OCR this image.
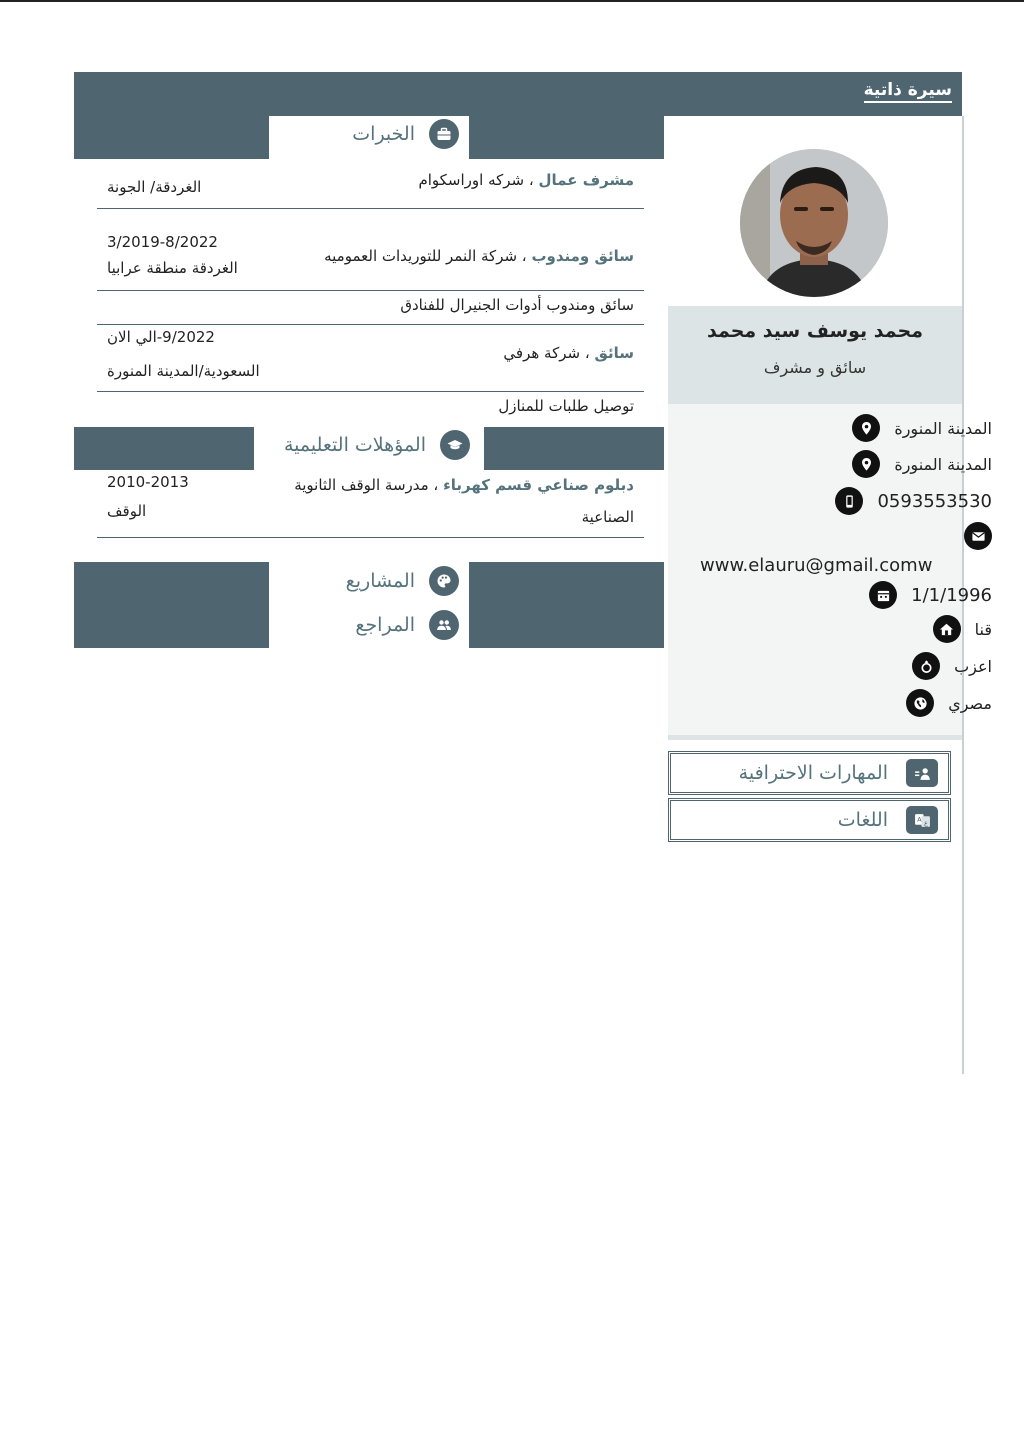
سيرة ذاتية
الخبرات
مشرف عمال ، شركه اوراسكوام
الغردقة/ الجونة
سائق ومندوب ، شركة النمر للتوريدات العموميه
3/2019-8/2022
الغردقة منطقة عرابيا
سائق ومندوب أدوات الجنيرال للفنادق
سائق ، شركة هرفي
9/2022-الي الان
السعودية/المدينة المنورة
توصيل طلبات للمنازل
المؤهلات التعليمية
دبلوم صناعي قسم كهرباء ، مدرسة الوقف الثانوية
الصناعية
2010-2013
الوقف
المشاريع
المراجع
محمد يوسف سيد محمد
سائق و مشرف
المدينة المنورة
المدينة المنورة
0593553530
www.elauru@gmail.comw
1/1/1996
قنا
اعزب
مصري
المهارات الاحترافية
A ع
اللغات
